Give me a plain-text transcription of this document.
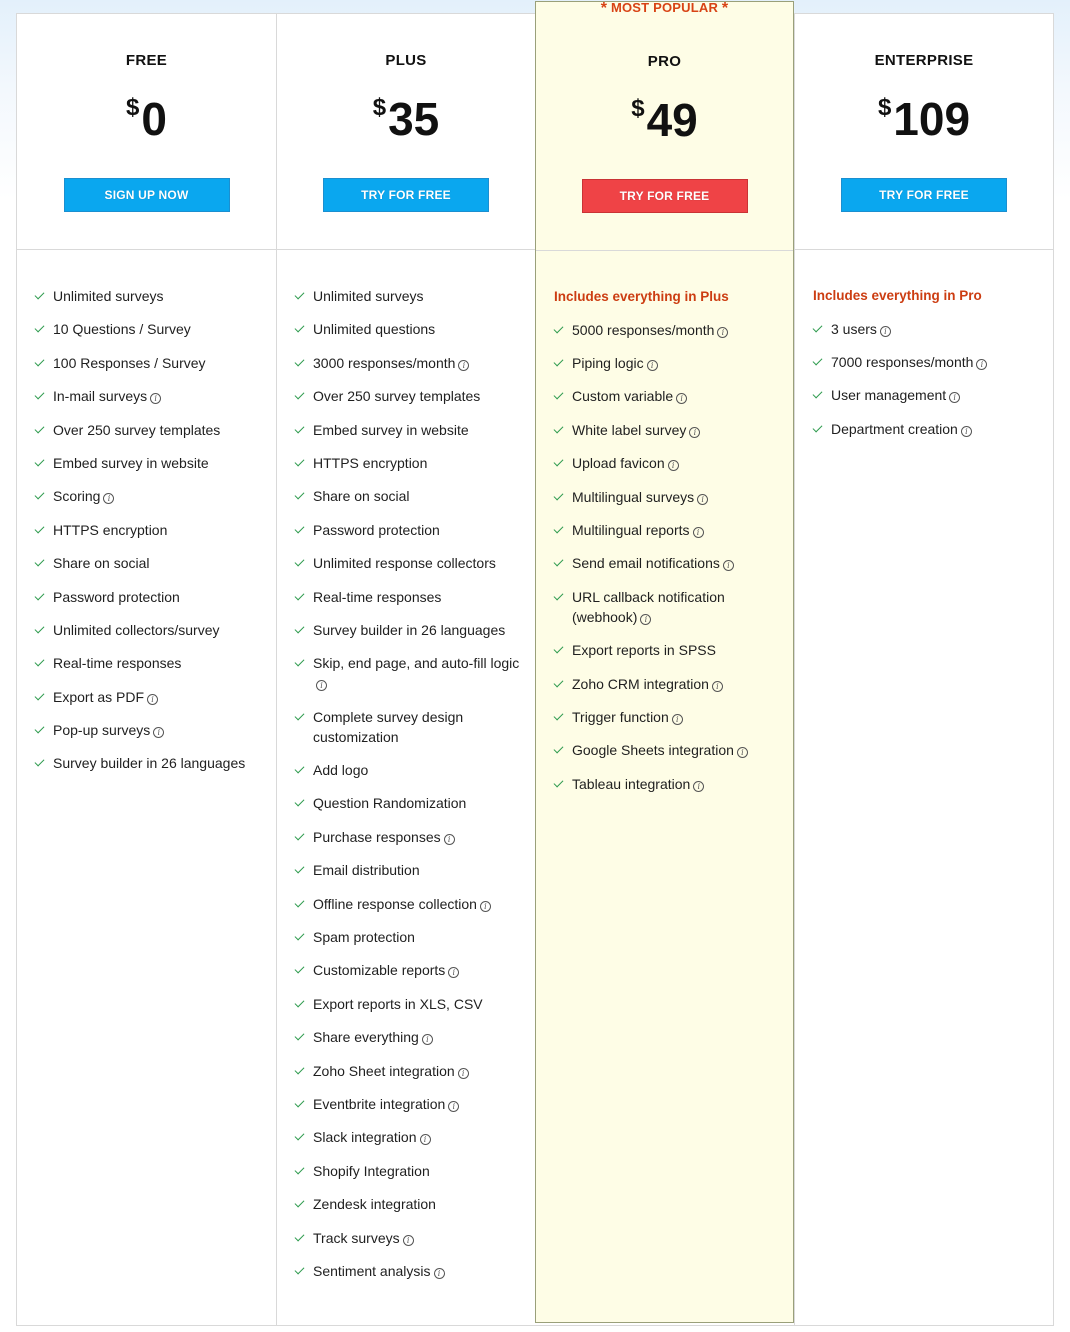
FREE
$0
SIGN UP NOW
Unlimited surveys
10 Questions / Survey
100 Responses / Survey
In-mail surveys i
Over 250 survey templates
Embed survey in website
Scoring i
HTTPS encryption
Share on social
Password protection
Unlimited collectors/survey
Real-time responses
Export as PDF i
Pop-up surveys i
Survey builder in 26 languages
PLUS
$35
TRY FOR FREE
Unlimited surveys
Unlimited questions
3000 responses/month i
Over 250 survey templates
Embed survey in website
HTTPS encryption
Share on social
Password protection
Unlimited response collectors
Real-time responses
Survey builder in 26 languages
Skip, end page, and auto-fill logici
Complete survey design customization
Add logo
Question Randomization
Purchase responses i
Email distribution
Offline response collection i
Spam protection
Customizable reports i
Export reports in XLS, CSV
Share everything i
Zoho Sheet integration i
Eventbrite integration i
Slack integration i
Shopify Integration
Zendesk integration
Track surveys i
Sentiment analysis i
* MOST POPULAR *
PRO
$49
TRY FOR FREE
Includes everything in Plus
5000 responses/month i
Piping logic i
Custom variable i
White label survey i
Upload favicon i
Multilingual surveys i
Multilingual reports i
Send email notifications i
URL callback notification (webhook) i
Export reports in SPSS
Zoho CRM integration i
Trigger function i
Google Sheets integration i
Tableau integration i
ENTERPRISE
$109
TRY FOR FREE
Includes everything in Pro
3 users i
7000 responses/month i
User management i
Department creation i
